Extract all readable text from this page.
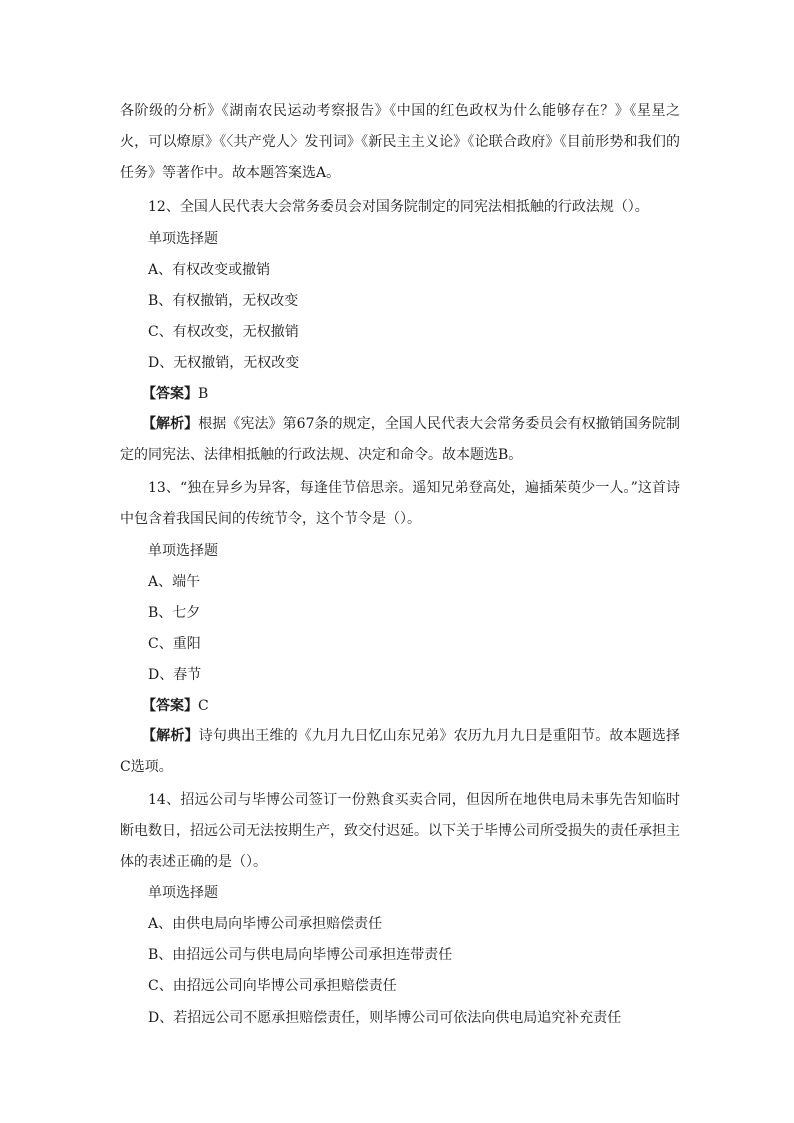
各阶级的分析》《湖南农民运动考察报告》《中国的红色政权为什么能够存在？》《星星之火，可以燎原》《〈共产党人〉发刊词》《新民主主义论》《论联合政府》《目前形势和我们的任务》等著作中。故本题答案选A。

12、全国人民代表大会常务委员会对国务院制定的同宪法相抵触的行政法规（）。

单项选择题

A、有权改变或撤销

B、有权撤销，无权改变

C、有权改变，无权撤销

D、无权撤销，无权改变

【答案】B

【解析】根据《宪法》第67条的规定，全国人民代表大会常务委员会有权撤销国务院制定的同宪法、法律相抵触的行政法规、决定和命令。故本题选B。

13、“独在异乡为异客，每逢佳节倍思亲。遥知兄弟登高处，遍插茱萸少一人。”这首诗中包含着我国民间的传统节令，这个节令是（）。

单项选择题

A、端午

B、七夕

C、重阳

D、春节

【答案】C

【解析】诗句典出王维的《九月九日忆山东兄弟》农历九月九日是重阳节。故本题选择C选项。

14、招远公司与毕博公司签订一份熟食买卖合同，但因所在地供电局未事先告知临时断电数日，招远公司无法按期生产，致交付迟延。以下关于毕博公司所受损失的责任承担主体的表述正确的是（）。

单项选择题

A、由供电局向毕博公司承担赔偿责任

B、由招远公司与供电局向毕博公司承担连带责任

C、由招远公司向毕博公司承担赔偿责任

D、若招远公司不愿承担赔偿责任，则毕博公司可依法向供电局追究补充责任
